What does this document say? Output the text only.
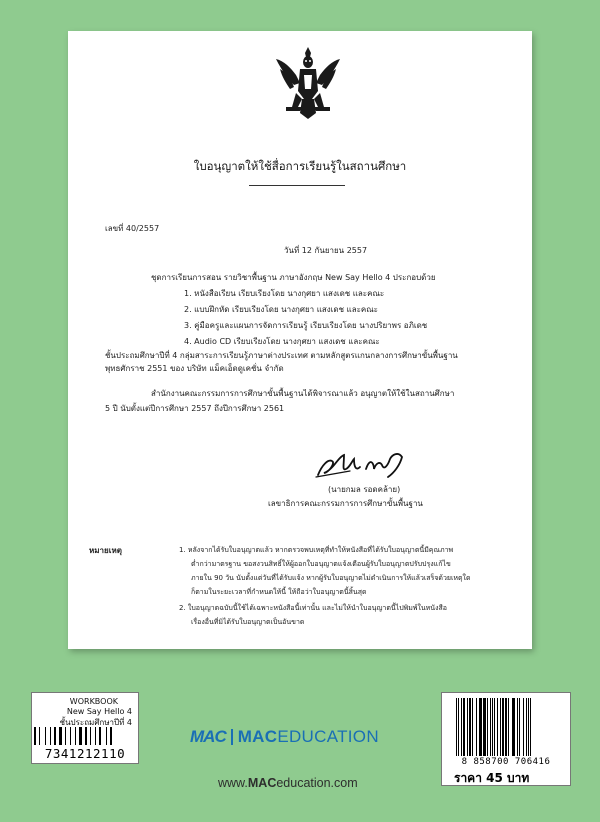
ใบอนุญาตให้ใช้สื่อการเรียนรู้ในสถานศึกษา
เลขที่ 40/2557
วันที่ 12 กันยายน 2557
ชุดการเรียนการสอน รายวิชาพื้นฐาน ภาษาอังกฤษ New Say Hello 4 ประกอบด้วย
1. หนังสือเรียน เรียบเรียงโดย นางกุศยา แสงเดช และคณะ
2. แบบฝึกหัด เรียบเรียงโดย นางกุศยา แสงเดช และคณะ
3. คู่มือครูและแผนการจัดการเรียนรู้ เรียบเรียงโดย นางปริยาพร อภิเดช
4. Audio CD เรียบเรียงโดย นางกุศยา แสงเดช และคณะ
ชั้นประถมศึกษาปีที่ 4 กลุ่มสาระการเรียนรู้ภาษาต่างประเทศ ตามหลักสูตรแกนกลางการศึกษาขั้นพื้นฐาน
พุทธศักราช 2551 ของ บริษัท แม็คเอ็ดดูเคชั่น จำกัด
สำนักงานคณะกรรมการการศึกษาขั้นพื้นฐานได้พิจารณาแล้ว อนุญาตให้ใช้ในสถานศึกษา
5 ปี นับตั้งแต่ปีการศึกษา 2557 ถึงปีการศึกษา 2561
(นายกมล รอดคล้าย)
เลขาธิการคณะกรรมการการศึกษาขั้นพื้นฐาน
หมายเหตุ	1. หลังจากได้รับใบอนุญาตแล้ว หากตรวจพบเหตุที่ทำให้หนังสือที่ได้รับใบอนุญาตนี้มีคุณภาพ
ต่ำกว่ามาตรฐาน ขอสงวนสิทธิ์ให้ผู้ออกใบอนุญาตแจ้งเตือนผู้รับใบอนุญาตปรับปรุงแก้ไข
ภายใน 90 วัน นับตั้งแต่วันที่ได้รับแจ้ง หากผู้รับใบอนุญาตไม่ดำเนินการให้แล้วเสร็จด้วยเหตุใด
ก็ตามในระยะเวลาที่กำหนดให้นี้ ให้ถือว่าใบอนุญาตนี้สิ้นสุด
2. ใบอนุญาตฉบับนี้ใช้ได้เฉพาะหนังสือนี้เท่านั้น และไม่ให้นำใบอนุญาตนี้ไปพิมพ์ในหนังสือ
เรื่องอื่นที่มิได้รับใบอนุญาตเป็นอันขาด
WORKBOOK
New Say Hello 4
ชั้นประถมศึกษาปีที่ 4
7341212110
MAC MACEDUCATION
www.MACeducation.com
8 858700 706416
ราคา 45 บาท
